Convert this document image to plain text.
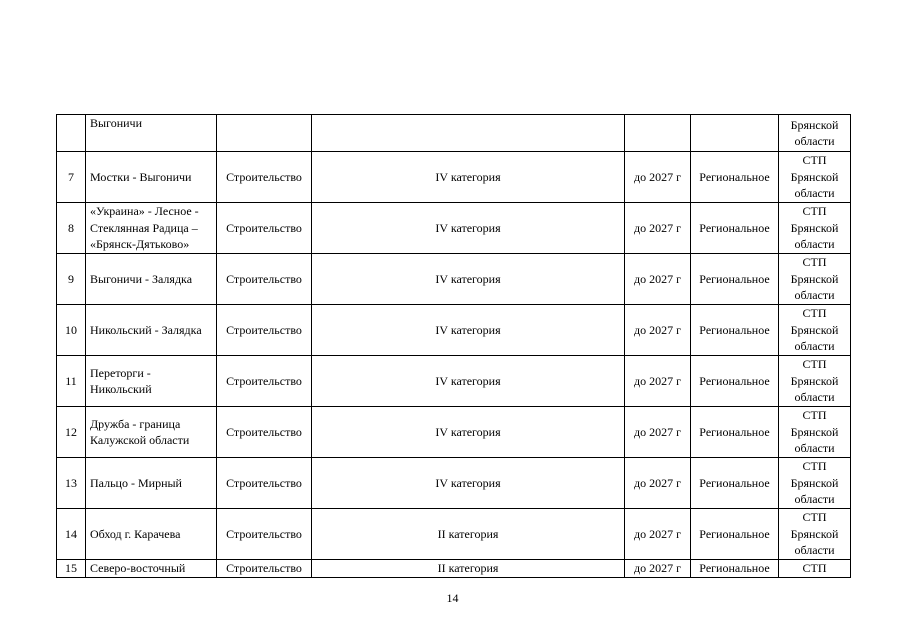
	Выгоничи					Брянской
области

7	Мостки - Выгоничи	Строительство	IV категория	до 2027 г	Региональное	СТП
Брянской
области

8	«Украина» - Лесное - Стеклянная Радица – «Брянск-Дятьково»	Строительство	IV категория	до 2027 г	Региональное	СТП
Брянской
области

9	Выгоничи - Залядка	Строительство	IV категория	до 2027 г	Региональное	СТП
Брянской
области

10	Никольский - Залядка	Строительство	IV категория	до 2027 г	Региональное	СТП
Брянской
области

11	Переторги - Никольский	Строительство	IV категория	до 2027 г	Региональное	СТП
Брянской
области

12	Дружба - граница Калужской области	Строительство	IV категория	до 2027 г	Региональное	СТП
Брянской
области

13	Пальцо - Мирный	Строительство	IV категория	до 2027 г	Региональное	СТП
Брянской
области

14	Обход г. Карачева	Строительство	II категория	до 2027 г	Региональное	СТП
Брянской
области

15	Северо-восточный	Строительство	II категория	до 2027 г	Региональное	СТП
14
